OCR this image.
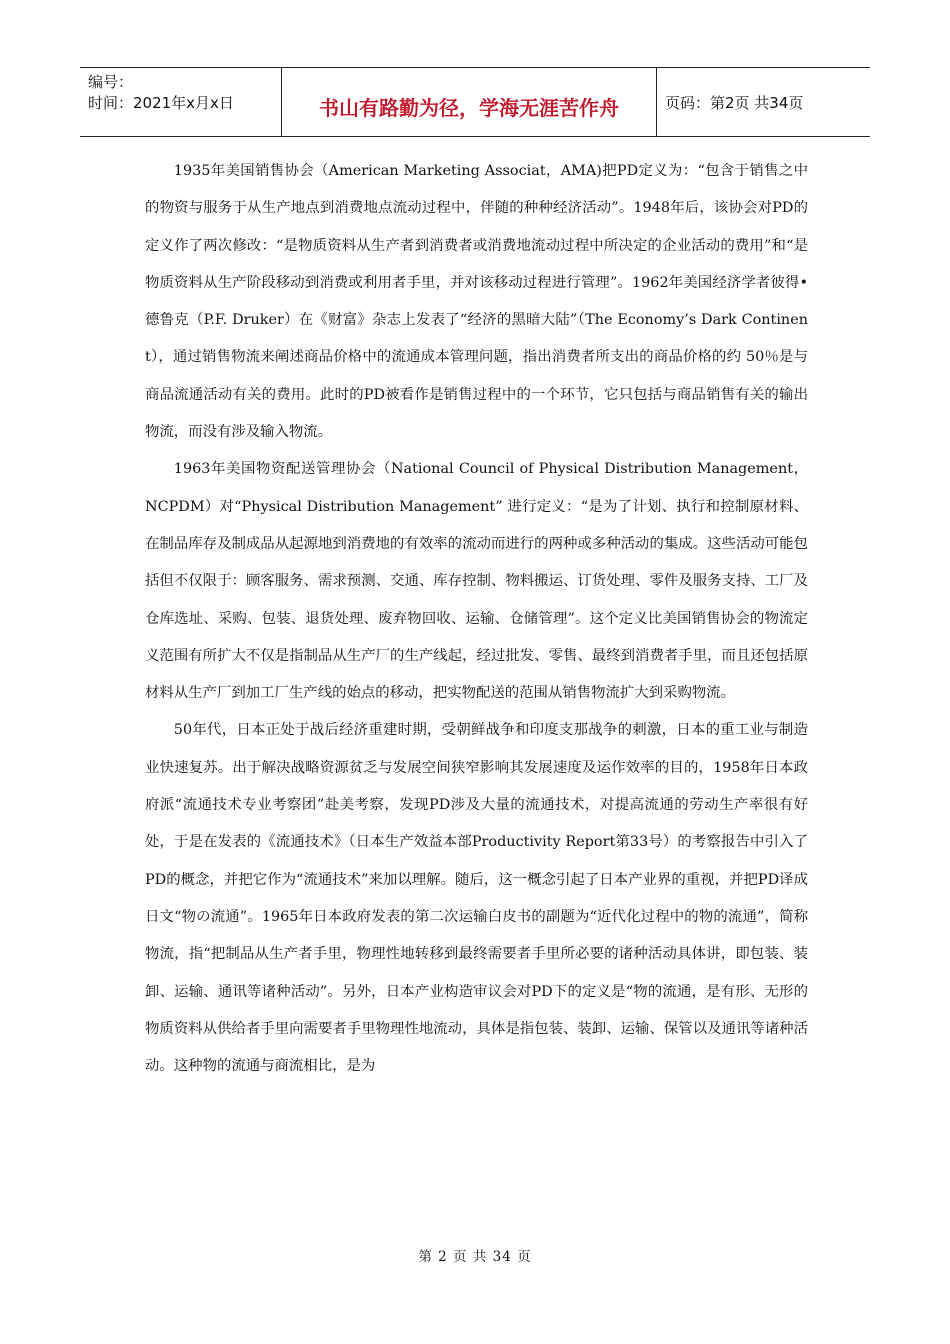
编号：
时间：2021年x月x日	书山有路勤为径，学海无涯苦作舟	页码：第2页 共34页

1935年美国销售协会（American Marketing Associat，AMA)把PD定义为：“包含于销售之中的物资与服务于从生产地点到消费地点流动过程中，伴随的种种经济活动”。1948年后，该协会对PD的定义作了两次修改：“是物质资料从生产者到消费者或消费地流动过程中所决定的企业活动的费用”和“是物质资料从生产阶段移动到消费或利用者手里，并对该移动过程进行管理”。1962年美国经济学者彼得•德鲁克（P.F. Druker）在《财富》杂志上发表了“经济的黑暗大陆”（The Economy’s Dark Continent），通过销售物流来阐述商品价格中的流通成本管理问题，指出消费者所支出的商品价格的约 50％是与商品流通活动有关的费用。此时的PD被看作是销售过程中的一个环节，它只包括与商品销售有关的输出物流，而没有涉及输入物流。

1963年美国物资配送管理协会（National Council of Physical Distribution Management，NCPDM）对“Physical Distribution Management” 进行定义：“是为了计划、执行和控制原材料、在制品库存及制成品从起源地到消费地的有效率的流动而进行的两种或多种活动的集成。这些活动可能包括但不仅限于：顾客服务、需求预测、交通、库存控制、物料搬运、订货处理、零件及服务支持、工厂及仓库选址、采购、包装、退货处理、废弃物回收、运输、仓储管理”。这个定义比美国销售协会的物流定义范围有所扩大不仅是指制品从生产厂的生产线起，经过批发、零售、最终到消费者手里，而且还包括原材料从生产厂到加工厂生产线的始点的移动，把实物配送的范围从销售物流扩大到采购物流。

50年代，日本正处于战后经济重建时期，受朝鲜战争和印度支那战争的刺激，日本的重工业与制造业快速复苏。出于解决战略资源贫乏与发展空间狭窄影响其发展速度及运作效率的目的，1958年日本政府派“流通技术专业考察团”赴美考察，发现PD涉及大量的流通技术，对提高流通的劳动生产率很有好处，于是在发表的《流通技术》（日本生产效益本部Productivity Report第33号）的考察报告中引入了 PD的概念，并把它作为“流通技术”来加以理解。随后，这一概念引起了日本产业界的重视，并把PD译成日文“物の流通”。1965年日本政府发表的第二次运输白皮书的副题为“近代化过程中的物的流通”，简称物流，指“把制品从生产者手里，物理性地转移到最终需要者手里所必要的诸种活动具体讲，即包装、装卸、运输、通讯等诸种活动”。另外，日本产业构造审议会对PD下的定义是“物的流通，是有形、无形的物质资料从供给者手里向需要者手里物理性地流动，具体是指包装、装卸、运输、保管以及通讯等诸种活动。这种物的流通与商流相比，是为

第 2 页 共 34 页
